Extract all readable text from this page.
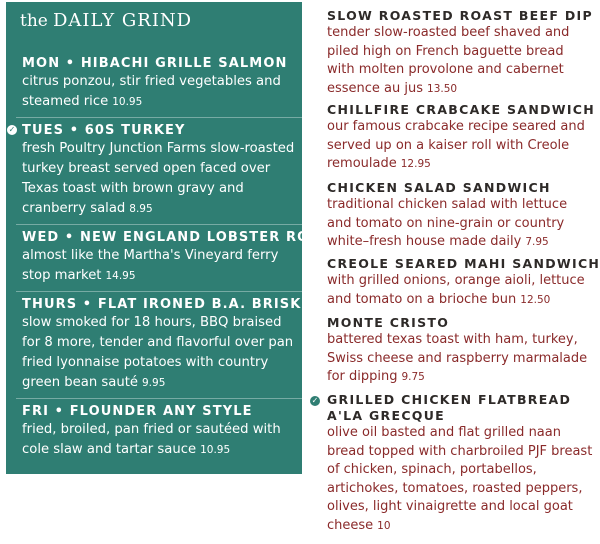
the DAILY GRIND
MON • HIBACHI GRILLE SALMON
citrus ponzou, stir fried vegetables and steamed rice 10.95
✓ TUES • 60S TURKEY
fresh Poultry Junction Farms slow-roasted turkey breast served open faced over Texas toast with brown gravy and cranberry salad 8.95
WED • NEW ENGLAND LOBSTER ROLL
almost like the Martha's Vineyard ferry stop market 14.95
THURS • FLAT IRONED B.A. BRISKET
slow smoked for 18 hours, BBQ braised for 8 more, tender and flavorful over pan fried lyonnaise potatoes with country green bean sauté 9.95
FRI • FLOUNDER ANY STYLE
fried, broiled, pan fried or sautéed with cole slaw and tartar sauce 10.95
SLOW ROASTED ROAST BEEF DIP
tender slow-roasted beef shaved and piled high on French baguette bread with molten provolone and cabernet essence au jus 13.50
CHILLFIRE CRABCAKE SANDWICH
our famous crabcake recipe seared and served up on a kaiser roll with Creole remoulade 12.95
CHICKEN SALAD SANDWICH
traditional chicken salad with lettuce and tomato on nine-grain or country white–fresh house made daily 7.95
CREOLE SEARED MAHI SANDWICH
with grilled onions, orange aioli, lettuce and tomato on a brioche bun 12.50
MONTE CRISTO
battered texas toast with ham, turkey, Swiss cheese and raspberry marmalade for dipping 9.75
✓ GRILLED CHICKEN FLATBREAD A'LA GRECQUE
olive oil basted and flat grilled naan bread topped with charbroiled PJF breast of chicken, spinach, portabellos, artichokes, tomatoes, roasted peppers, olives, light vinaigrette and local goat cheese 10
